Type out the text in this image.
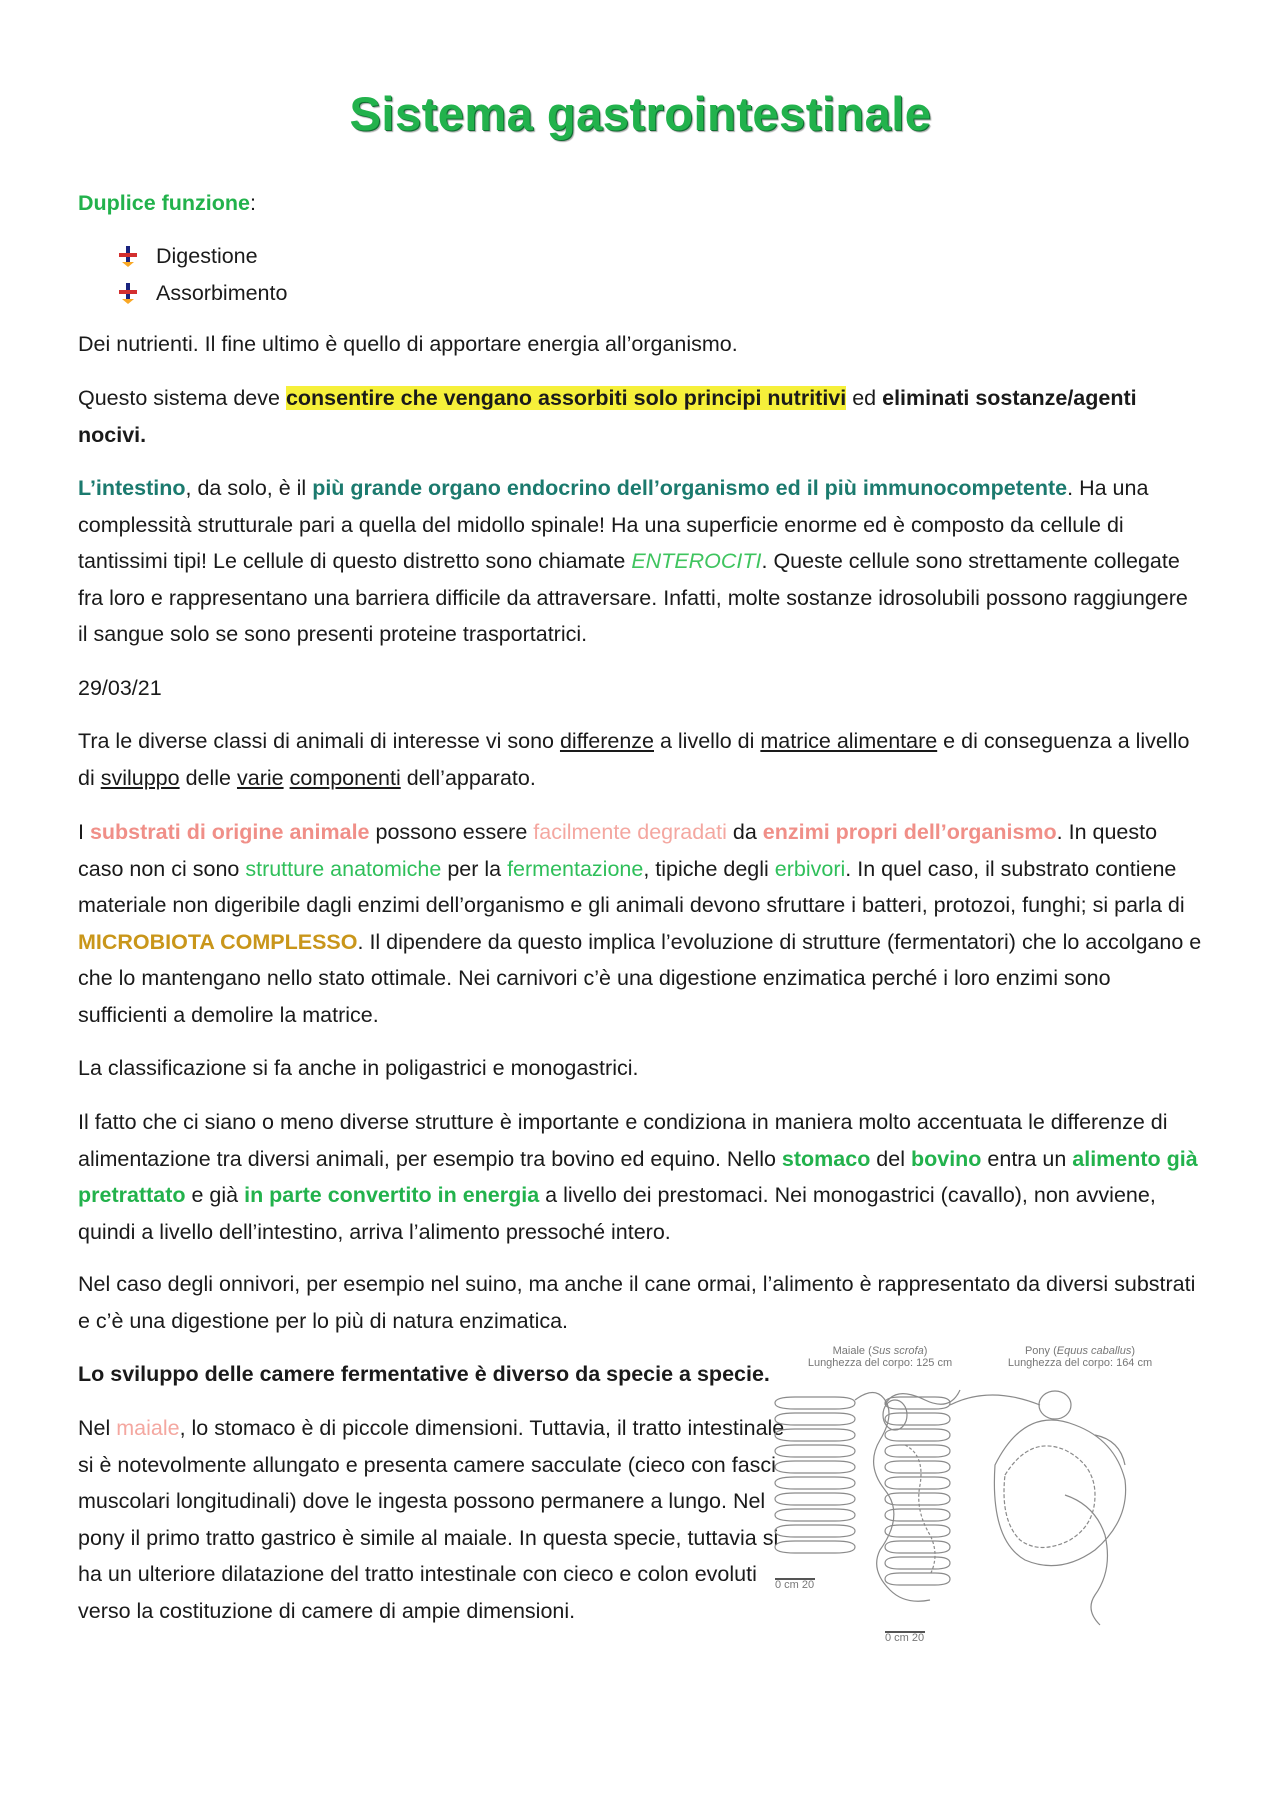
Sistema gastrointestinale

Duplice funzione:

Digestione
Assorbimento

Dei nutrienti. Il fine ultimo è quello di apportare energia all’organismo.

Questo sistema deve consentire che vengano assorbiti solo principi nutritivi ed eliminati sostanze/agenti nocivi.

L’intestino, da solo, è il più grande organo endocrino dell’organismo ed il più immunocompetente. Ha una complessità strutturale pari a quella del midollo spinale! Ha una superficie enorme ed è composto da cellule di tantissimi tipi! Le cellule di questo distretto sono chiamate ENTEROCITI. Queste cellule sono strettamente collegate fra loro e rappresentano una barriera difficile da attraversare. Infatti, molte sostanze idrosolubili possono raggiungere il sangue solo se sono presenti proteine trasportatrici.

29/03/21

Tra le diverse classi di animali di interesse vi sono differenze a livello di matrice alimentare e di conseguenza a livello di sviluppo delle varie componenti dell’apparato.

I substrati di origine animale possono essere facilmente degradati da enzimi propri dell’organismo. In questo caso non ci sono strutture anatomiche per la fermentazione, tipiche degli erbivori. In quel caso, il substrato contiene materiale non digeribile dagli enzimi dell’organismo e gli animali devono sfruttare i batteri, protozoi, funghi; si parla di MICROBIOTA COMPLESSO. Il dipendere da questo implica l’evoluzione di strutture (fermentatori) che lo accolgano e che lo mantengano nello stato ottimale. Nei carnivori c’è una digestione enzimatica perché i loro enzimi sono sufficienti a demolire la matrice.

La classificazione si fa anche in poligastrici e monogastrici.

Il fatto che ci siano o meno diverse strutture è importante e condiziona in maniera molto accentuata le differenze di alimentazione tra diversi animali, per esempio tra bovino ed equino. Nello stomaco del bovino entra un alimento già pretrattato e già in parte convertito in energia a livello dei prestomaci. Nei monogastrici (cavallo), non avviene, quindi a livello dell’intestino, arriva l’alimento pressoché intero.

Nel caso degli onnivori, per esempio nel suino, ma anche il cane ormai, l’alimento è rappresentato da diversi substrati e c’è una digestione per lo più di natura enzimatica.

Lo sviluppo delle camere fermentative è diverso da specie a specie.

Nel maiale, lo stomaco è di piccole dimensioni. Tuttavia, il tratto intestinale si è notevolmente allungato e presenta camere sacculate (cieco con fasci muscolari longitudinali) dove le ingesta possono permanere a lungo. Nel pony il primo tratto gastrico è simile al maiale. In questa specie, tuttavia si ha un ulteriore dilatazione del tratto intestinale con cieco e colon evoluti verso la costituzione di camere di ampie dimensioni.

Maiale (Sus scrofa)
Lunghezza del corpo: 125 cm
Pony (Equus caballus)
Lunghezza del corpo: 164 cm
0 cm 20
0 cm 20
